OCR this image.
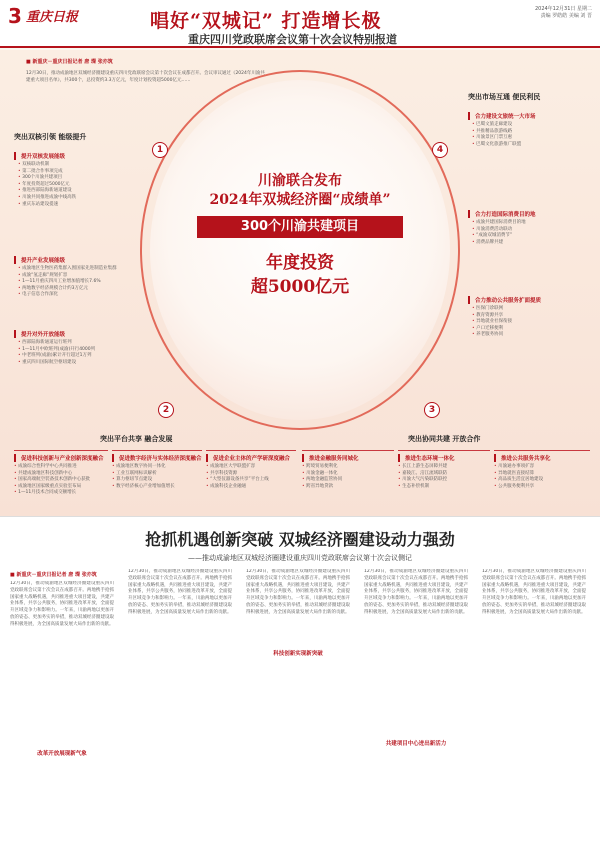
3 重庆日报	唱好“双城记” 打造增长极
重庆四川党政联席会议第十次会议特别报道
2024年12月31日 星期二
责编 罗皓皓 美编 刘 晋
■ 新重庆－重庆日报记者 唐 璨 张亦筑
12月30日，推动成渝地区双城经济圈建设重庆四川党政联席会议第十次会议在成都召开。会议审议通过《2024年川渝共建重大项目名单》，共300个，总投资约3.3万亿元，年度计划投资超5000亿元……
川渝联合发布
2024年双城经济圈“成绩单”
300个川渝共建项目
年度投资
超5000亿元
1
突出双核引领 能级提升
提升双核发展能级
• 双核联动机制
• 第二批合作事项完成
• 300个川渝共建项目
• 年度投资超过5000亿元
• 推进西部陆海新通道建设
• 川渝共同推进成渝中线高铁
• 重庆东站建设提速
提升产业发展能级
• 成渝地区生物医药集群入围国家先进制造业集群
• 成渝“氢走廊”规划扩容
• 1—11月重庆四川工业增加值增长7.6%
• 两地数字经济规模合计约3万亿元
• 电子信息合作深化
提升对外开放能级
• 西部陆海新通道运行班列
• 1—11月中欧班列(成渝)开行4000列
• 中老班列(成渝)累计开行超过1万列
• 重庆四川国际航空枢纽建设
4
突出市场互通 便民利民
合力建设文旅统一大市场
• 巴蜀文旅走廊建设
• 共推精品旅游线路
• 川渝景区门票互惠
• 巴蜀文化旅游推广联盟
合力打造国际消费目的地
• 成渝共建国际消费目的地
• 川渝消费活动联动
• “成渝双城消费节”
• 消费品牌共建
合力推动公共服务扩面提质
• 医保门诊联网
• 教育资源共享
• 异地就业社保衔接
• 户口迁移便利
• 养老服务协同
2
突出平台共享 融合发展
促进科技创新与产业创新深度融合
• 成渝综合性科学中心共同推进
• 共建成渝地区科技创新中心
• 国家高端航空装备技术创新中心获批
• 成渝地区国家级重点实验室布局
• 1—11月技术合同成交额增长
促进数字经济与实体经济深度融合
• 成渝地区数字协同一体化
• 工业互联网标识解析
• 算力枢纽节点建设
• 数字经济核心产业增加值增长
促进企业主体的产学研深度融合
• 成渝地区大学联盟扩容
• 共享科技资源
• “大型仪器设备共享”平台上线
• 成渝科技企业融通
3
突出协同共建 开放合作
推进金融服务同城化
• 跨境贸易便利化
• 川渝金融一体化
• 两地金融监管协同
• 跨省异地贷款
推进生态环境一体化
• 长江上游生态屏障共建
• 嘉陵江、涪江流域联防
• 川渝大气污染联防联控
• 生态补偿机制
推进公共服务共享化
• 川渝通办事项扩容
• 异地就医直接结算
• 高品质生活宜居地建设
• 公共服务便利共享
抢抓机遇创新突破 双城经济圈建设动力强劲
——推动成渝地区双城经济圈建设重庆四川党政联席会议第十次会议侧记
■ 新重庆－重庆日报记者 唐 璨 张亦筑
12月30日，推动成渝地区双城经济圈建设重庆四川党政联席会议第十次会议在成都召开。两地携手抢抓国家重大战略机遇，共同推进重大项目建设，共建产业体系，共享公共服务，协同推进改革开放，全面提升区域竞争力和影响力。一年来，川渝两地以更加开放的姿态、更加务实的举措，推动双城经济圈建设取得积极进展，为全国高质量发展大局作出新的贡献。
改革开放展现新气象
12月30日，推动成渝地区双城经济圈建设重庆四川党政联席会议第十次会议在成都召开。两地携手抢抓国家重大战略机遇，共同推进重大项目建设，共建产业体系，共享公共服务，协同推进改革开放，全面提升区域竞争力和影响力。一年来，川渝两地以更加开放的姿态、更加务实的举措，推动双城经济圈建设取得积极进展，为全国高质量发展大局作出新的贡献。
12月30日，推动成渝地区双城经济圈建设重庆四川党政联席会议第十次会议在成都召开。两地携手抢抓国家重大战略机遇，共同推进重大项目建设，共建产业体系，共享公共服务，协同推进改革开放，全面提升区域竞争力和影响力。一年来，川渝两地以更加开放的姿态、更加务实的举措，推动双城经济圈建设取得积极进展，为全国高质量发展大局作出新的贡献。
科技创新实现新突破
12月30日，推动成渝地区双城经济圈建设重庆四川党政联席会议第十次会议在成都召开。两地携手抢抓国家重大战略机遇，共同推进重大项目建设，共建产业体系，共享公共服务，协同推进改革开放，全面提升区域竞争力和影响力。一年来，川渝两地以更加开放的姿态、更加务实的举措，推动双城经济圈建设取得积极进展，为全国高质量发展大局作出新的贡献。
共建项目中心迸出新活力
12月30日，推动成渝地区双城经济圈建设重庆四川党政联席会议第十次会议在成都召开。两地携手抢抓国家重大战略机遇，共同推进重大项目建设，共建产业体系，共享公共服务，协同推进改革开放，全面提升区域竞争力和影响力。一年来，川渝两地以更加开放的姿态、更加务实的举措，推动双城经济圈建设取得积极进展，为全国高质量发展大局作出新的贡献。
